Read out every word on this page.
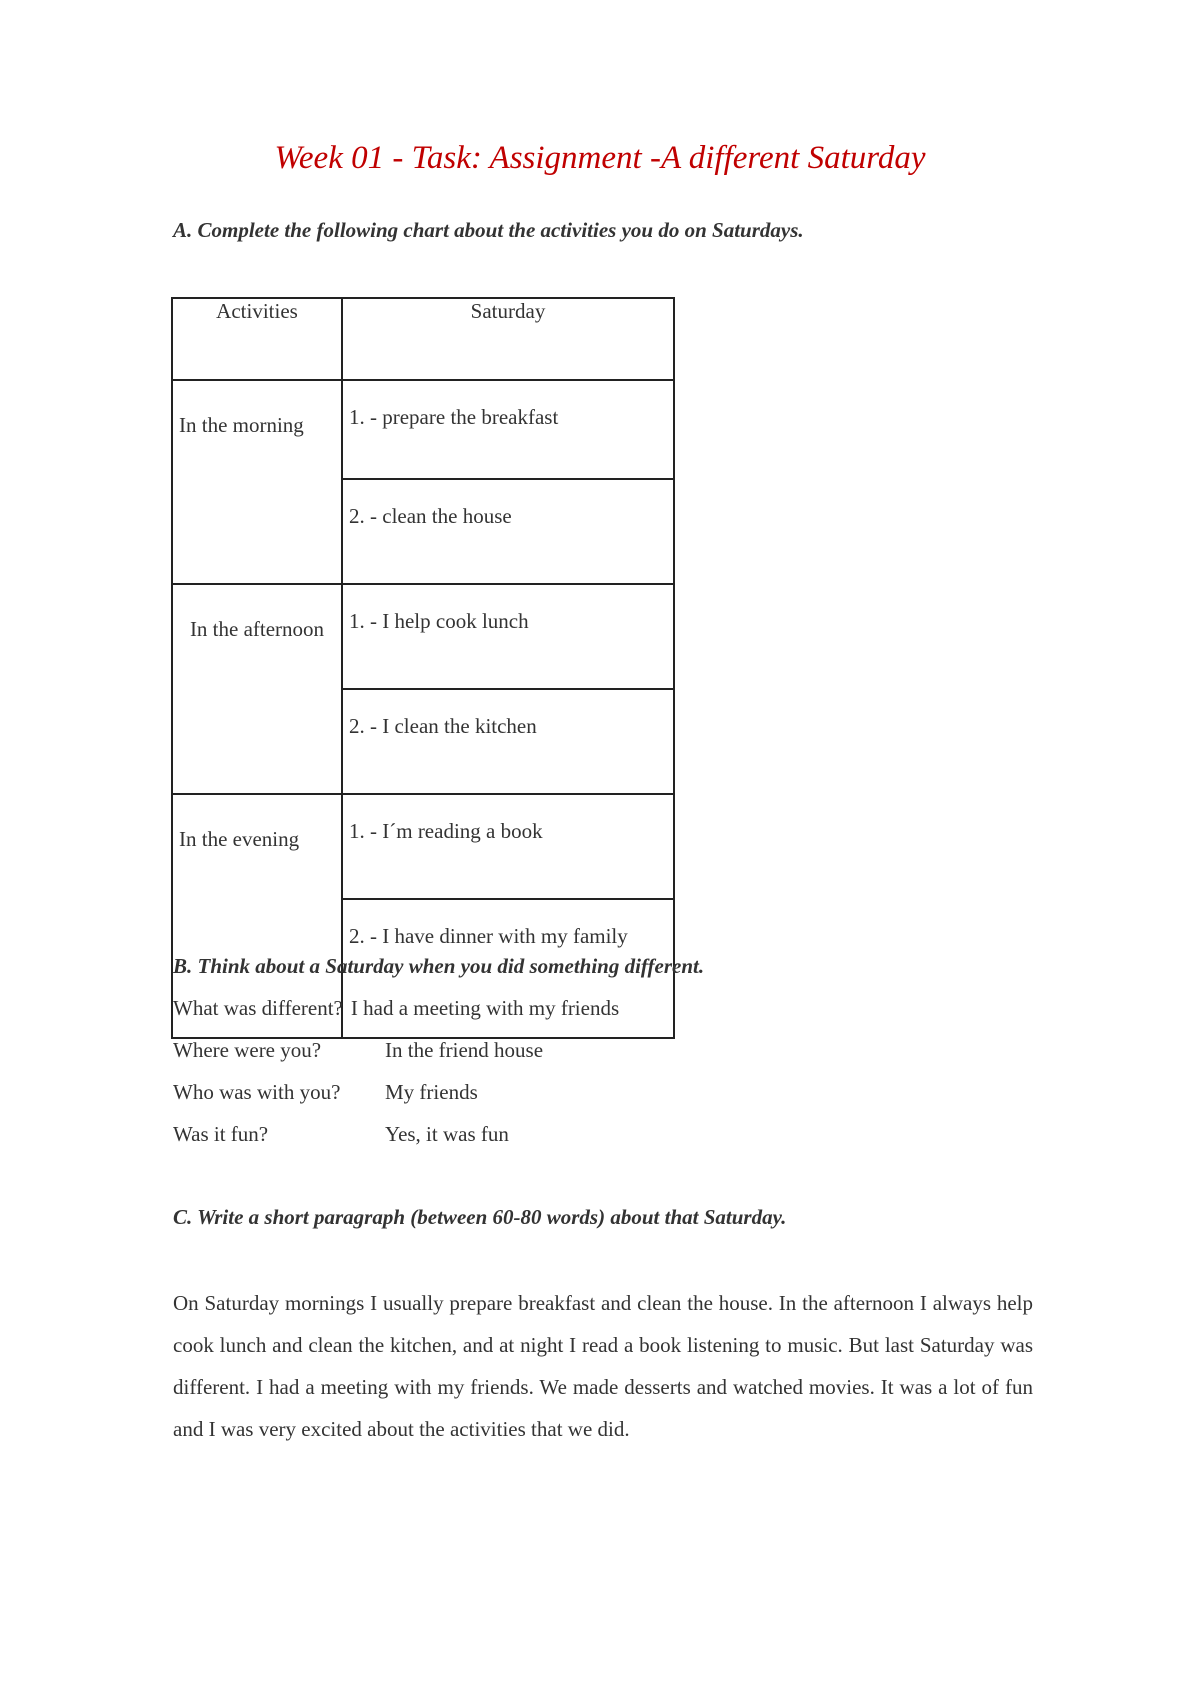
Week 01 - Task: Assignment -A different Saturday

A. Complete the following chart about the activities you do on Saturdays.

Activities	Saturday
In the morning	1. - prepare the breakfast
	2. - clean the house
In the afternoon	1. - I help cook lunch
	2. - I clean the kitchen
In the evening	1. - I´m reading a book
	2. - I have dinner with my family

B. Think about a Saturday when you did something different.

What was different? I had a meeting with my friends
Where were you?	In the friend house
Who was with you? My friends
Was it fun?	Yes, it was fun

C. Write a short paragraph (between 60-80 words) about that Saturday.

On Saturday mornings I usually prepare breakfast and clean the house. In the afternoon I always help cook lunch and clean the kitchen, and at night I read a book listening to music. But last Saturday was different. I had a meeting with my friends. We made desserts and watched movies. It was a lot of fun and I was very excited about the activities that we did.
